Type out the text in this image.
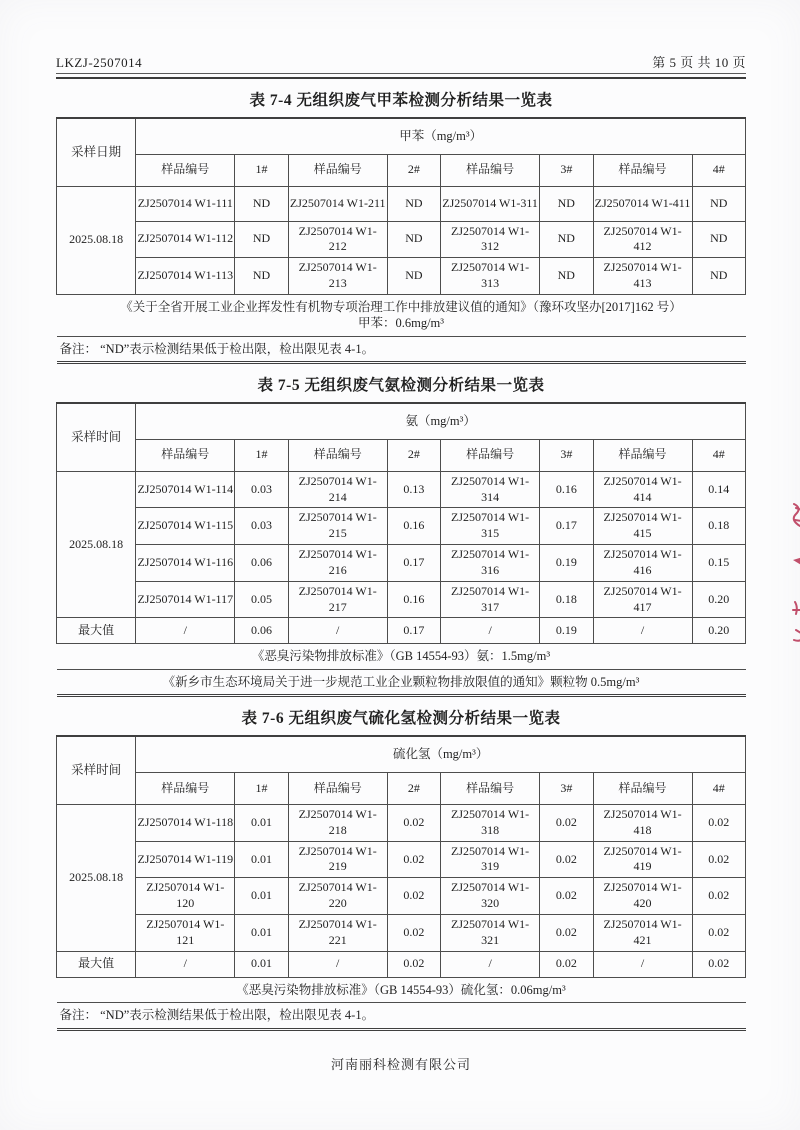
LKZJ-2507014	第 5 页 共 10 页
表 7-4 无组织废气甲苯检测分析结果一览表
采样日期	甲苯（mg/m³）							
	样品编号	1#	样品编号	2#	样品编号	3#	样品编号	4#
2025.08.18	ZJ2507014 W1-111	ND	ZJ2507014 W1-211	ND	ZJ2507014 W1-311	ND	ZJ2507014 W1-411	ND
	ZJ2507014 W1-112	ND	ZJ2507014 W1-212	ND	ZJ2507014 W1-312	ND	ZJ2507014 W1-412	ND
	ZJ2507014 W1-113	ND	ZJ2507014 W1-213	ND	ZJ2507014 W1-313	ND	ZJ2507014 W1-413	ND

《关于全省开展工业企业挥发性有机物专项治理工作中排放建议值的通知》（豫环攻坚办[2017]162 号）
甲苯：0.6mg/m³								

备注： “ND”表示检测结果低于检出限，检出限见表 4-1。								
表 7-5 无组织废气氨检测分析结果一览表
采样时间	氨（mg/m³）							
	样品编号	1#	样品编号	2#	样品编号	3#	样品编号	4#
2025.08.18	ZJ2507014 W1-114	0.03	ZJ2507014 W1-214	0.13	ZJ2507014 W1-314	0.16	ZJ2507014 W1-414	0.14
	ZJ2507014 W1-115	0.03	ZJ2507014 W1-215	0.16	ZJ2507014 W1-315	0.17	ZJ2507014 W1-415	0.18
	ZJ2507014 W1-116	0.06	ZJ2507014 W1-216	0.17	ZJ2507014 W1-316	0.19	ZJ2507014 W1-416	0.15
	ZJ2507014 W1-117	0.05	ZJ2507014 W1-217	0.16	ZJ2507014 W1-317	0.18	ZJ2507014 W1-417	0.20
最大值	/	0.06	/	0.17	/	0.19	/	0.20

《恶臭污染物排放标准》（GB 14554-93）氨：1.5mg/m³								

《新乡市生态环境局关于进一步规范工业企业颗粒物排放限值的通知》颗粒物 0.5mg/m³								
表 7-6 无组织废气硫化氢检测分析结果一览表
采样时间	硫化氢（mg/m³）							
	样品编号	1#	样品编号	2#	样品编号	3#	样品编号	4#
2025.08.18	ZJ2507014 W1-118	0.01	ZJ2507014 W1-218	0.02	ZJ2507014 W1-318	0.02	ZJ2507014 W1-418	0.02
	ZJ2507014 W1-119	0.01	ZJ2507014 W1-219	0.02	ZJ2507014 W1-319	0.02	ZJ2507014 W1-419	0.02
	ZJ2507014 W1-120	0.01	ZJ2507014 W1-220	0.02	ZJ2507014 W1-320	0.02	ZJ2507014 W1-420	0.02
	ZJ2507014 W1-121	0.01	ZJ2507014 W1-221	0.02	ZJ2507014 W1-321	0.02	ZJ2507014 W1-421	0.02
最大值	/	0.01	/	0.02	/	0.02	/	0.02

《恶臭污染物排放标准》（GB 14554-93）硫化氢：0.06mg/m³								

备注： “ND”表示检测结果低于检出限，检出限见表 4-1。								
河南丽科检测有限公司
